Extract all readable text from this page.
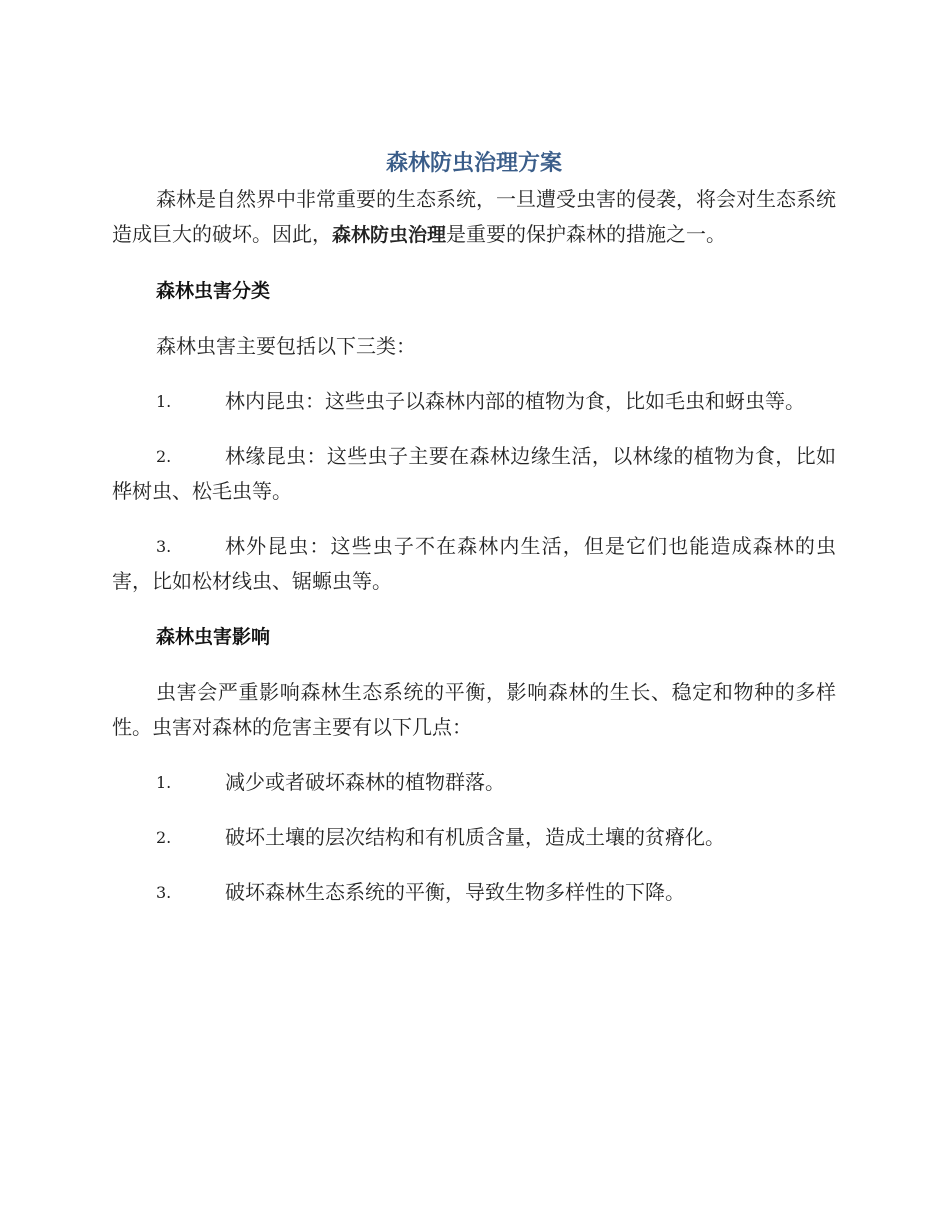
森林防虫治理方案

森林是自然界中非常重要的生态系统，一旦遭受虫害的侵袭，将会对生态系统造成巨大的破坏。因此，森林防虫治理是重要的保护森林的措施之一。

森林虫害分类

森林虫害主要包括以下三类：

1.	林内昆虫：这些虫子以森林内部的植物为食，比如毛虫和蚜虫等。
2.	林缘昆虫：这些虫子主要在森林边缘生活，以林缘的植物为食，比如桦树虫、松毛虫等。
3.	林外昆虫：这些虫子不在森林内生活，但是它们也能造成森林的虫害，比如松材线虫、锯螈虫等。
森林虫害影响

虫害会严重影响森林生态系统的平衡，影响森林的生长、稳定和物种的多样性。虫害对森林的危害主要有以下几点：

1.	减少或者破坏森林的植物群落。
2.	破坏土壤的层次结构和有机质含量，造成土壤的贫瘠化。
3.	破坏森林生态系统的平衡，导致生物多样性的下降。
